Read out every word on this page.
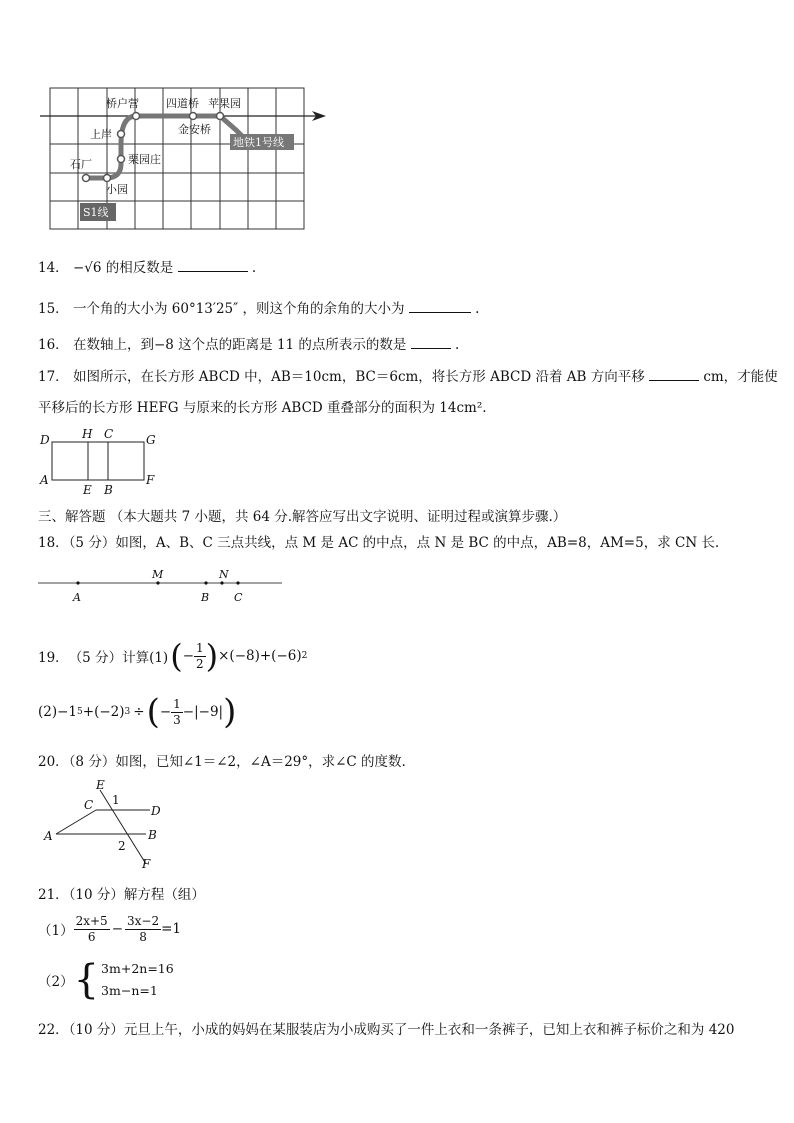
桥户营 四道桥 苹果园
金安桥
上岸
栗园庄
石厂
小园
地铁1号线
S1线
14． −√6 的相反数是	.
15． 一个角的大小为 60°13′25″ ，则这个角的余角的大小为	.
16． 在数轴上，到−8 这个点的距离是 11 的点所表示的数是	.
17． 如图所示，在长方形 ABCD 中，AB＝10cm，BC＝6cm，将长方形 ABCD 沿着 AB 方向平移	cm，才能使
平移后的长方形 HEFG 与原来的长方形 ABCD 重叠部分的面积为 14cm².
D	H C	G
A
E B
F
三、解答题 （本大题共 7 小题，共 64 分.解答应写出文字说明、证明过程或演算步骤.）
18．（5 分）如图，A、B、C 三点共线，点 M 是 AC 的中点，点 N 是 BC 的中点，AB=8，AM=5，求 CN 长.
A
M
B
N
C
19． （5 分） 计算(1) ( − $\frac{1}{2}$ ) ×(−8)+(−6) 2
(2) −1 5 +(−2) 3 ÷ ( − $\frac{1}{3} -|-9|$ )
20．（8 分）如图，已知∠1＝∠2，∠A＝29°，求∠C 的度数.
E
C 1
D
A	B
2
F
21．（10 分）解方程（组）
$(1) \frac{2x+5}{6} - \frac{3x-2}{8} =1$
（2） { 3m+2n=16
3m−n=1
22．（10 分）元旦上午，小成的妈妈在某服装店为小成购买了一件上衣和一条裤子，已知上衣和裤子标价之和为 420
